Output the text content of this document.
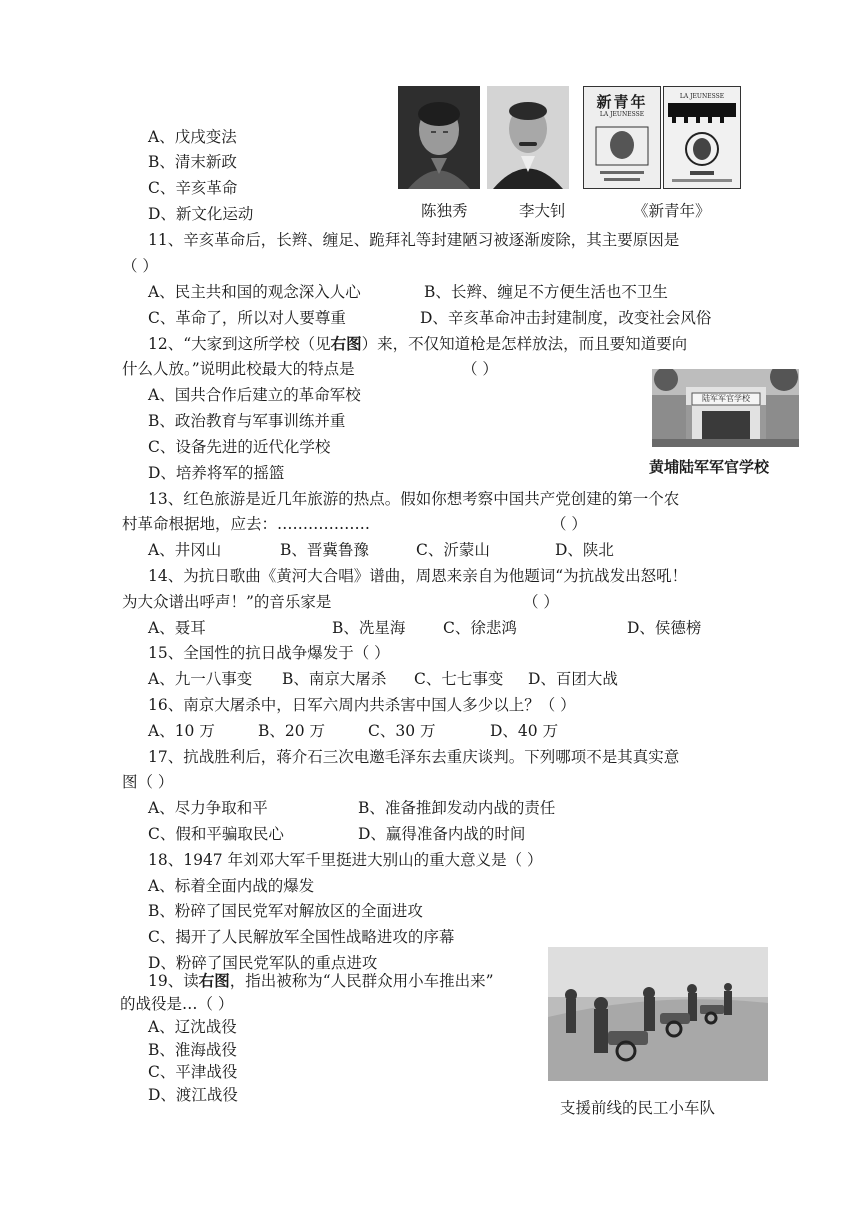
A、戊戌变法
B、清末新政
C、辛亥革命
D、新文化运动
新青年
LA JEUNESSE
LA JEUNESSE
陈独秀	李大钊	《新青年》
11、辛亥革命后，长辫、缠足、跪拜礼等封建陋习被逐渐废除，其主要原因是
（ ）
A、民主共和国的观念深入人心	B、长辫、缠足不方便生活也不卫生
C、革命了，所以对人要尊重	D、辛亥革命冲击封建制度，改变社会风俗
12、“大家到这所学校（见右图）来，不仅知道枪是怎样放法，而且要知道要向
什么人放。”说明此校最大的特点是	（ ）
A、国共合作后建立的革命军校
B、政治教育与军事训练并重
C、设备先进的近代化学校
D、培养将军的摇篮
陆军军官学校
黄埔陆军军官学校
13、红色旅游是近几年旅游的热点。假如你想考察中国共产党创建的第一个农
村革命根据地，应去：………………	（ ）
A、井冈山	B、晋冀鲁豫	C、沂蒙山	D、陕北
14、为抗日歌曲《黄河大合唱》谱曲，周恩来亲自为他题词“为抗战发出怒吼！
为大众谱出呼声！”的音乐家是	（ ）
A、聂耳	B、冼星海 C、徐悲鸿	D、侯德榜
15、全国性的抗日战争爆发于（ ）
A、九一八事变 B、南京大屠杀 C、七七事变 D、百团大战
16、南京大屠杀中，日军六周内共杀害中国人多少以上？（ ）
A、10 万	B、20 万	C、30 万	D、40 万
17、抗战胜利后，蒋介石三次电邀毛泽东去重庆谈判。下列哪项不是其真实意
图（ ）
A、尽力争取和平	B、准备推卸发动内战的责任
C、假和平骗取民心	D、赢得准备内战的时间
18、1947 年刘邓大军千里挺进大别山的重大意义是（ ）
A、标着全面内战的爆发
B、粉碎了国民党军对解放区的全面进攻
C、揭开了人民解放军全国性战略进攻的序幕
D、粉碎了国民党军队的重点进攻
19、读右图，指出被称为“人民群众用小车推出来”
的战役是…（ ）
A、辽沈战役
B、淮海战役
C、平津战役
D、渡江战役
支援前线的民工小车队
